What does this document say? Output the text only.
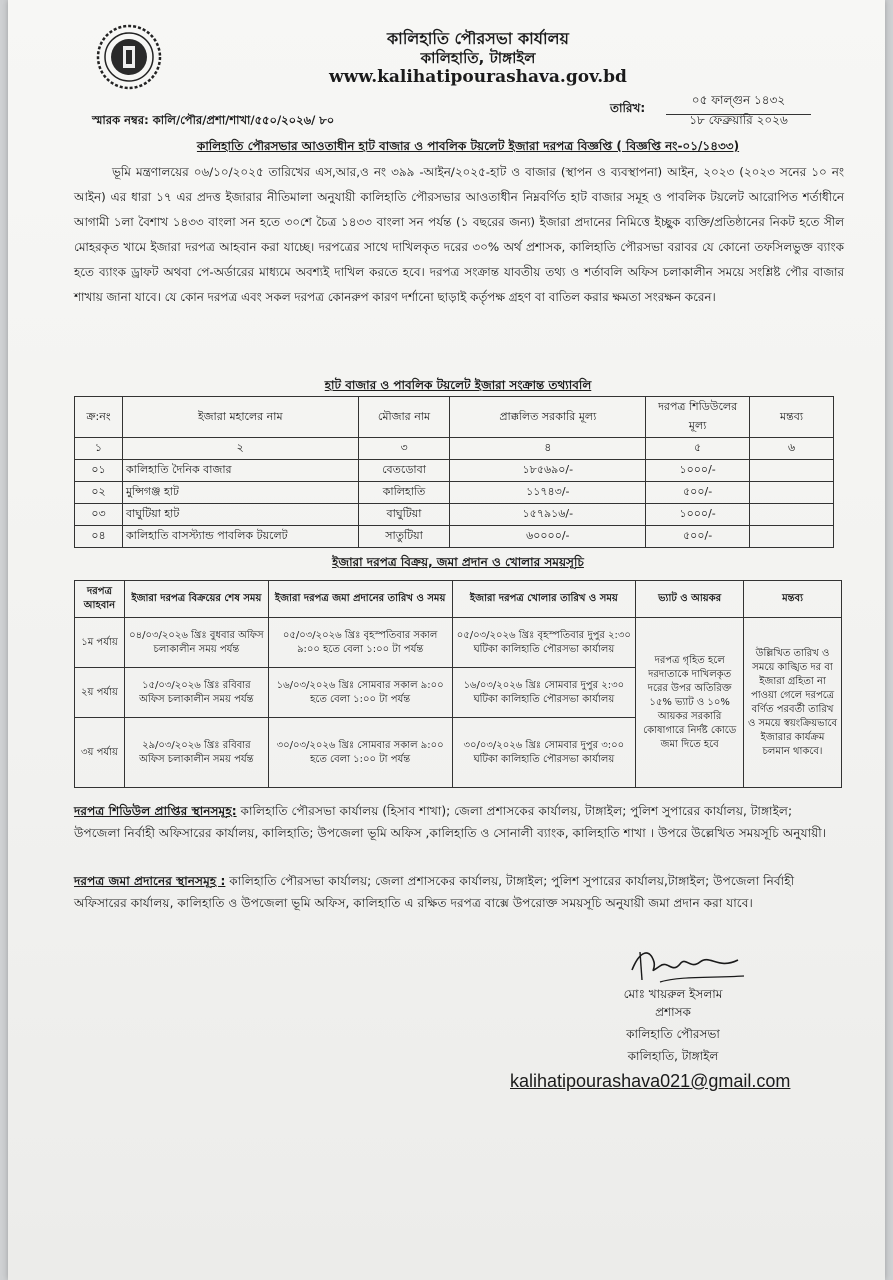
কালিহাতি পৌরসভা কার্যালয়
কালিহাতি, টাঙ্গাইল
www.kalihatipourashava.gov.bd
স্মারক নম্বর: কালি/পৌর/প্রশা/শাখা/৫৫০/২০২৬/ ৮০
তারিখ:
০৫ ফাল্গুন ১৪৩২
১৮ ফেব্রুয়ারি ২০২৬
কালিহাতি পৌরসভার আওতাধীন হাট বাজার ও পাবলিক টয়লেট ইজারা দরপত্র বিজ্ঞপ্তি ( বিজ্ঞপ্তি নং-০১/১৪৩৩)
ভূমি মন্ত্রণালয়ের ০৬/১০/২০২৫ তারিখের এস,আর,ও নং ৩৯৯ -আইন/২০২৫-হাট ও বাজার (স্থাপন ও ব্যবস্থাপনা) আইন, ২০২৩ (২০২৩ সনের ১০ নং আইন) এর ধারা ১৭ এর প্রদত্ত ইজারার নীতিমালা অনুযায়ী কালিহাতি পৌরসভার আওতাধীন নিম্নবর্ণিত হাট বাজার সমূহ ও পাবলিক টয়লেট আরোপিত শর্তাধীনে আগামী ১লা বৈশাখ ১৪৩৩ বাংলা সন হতে ৩০শে চৈত্র ১৪৩৩ বাংলা সন পর্যন্ত (১ বছরের জন্য) ইজারা প্রদানের নিমিত্তে ইচ্ছুক ব্যক্তি/প্রতিষ্ঠানের নিকট হতে সীল মোহরকৃত খামে ইজারা দরপত্র আহবান করা যাচ্ছে। দরপত্রের সাথে দাখিলকৃত দরের ৩০% অর্থ প্রশাসক, কালিহাতি পৌরসভা বরাবর যে কোনো তফসিলভুক্ত ব্যাংক হতে ব্যাংক ড্রাফট অথবা পে-অর্ডারের মাধ্যমে অবশ্যই দাখিল করতে হবে। দরপত্র সংক্রান্ত যাবতীয় তথ্য ও শর্তাবলি অফিস চলাকালীন সময়ে সংশ্লিষ্ট পৌর বাজার শাখায় জানা যাবে। যে কোন দরপত্র এবং সকল দরপত্র কোনরুপ কারণ দর্শানো ছাড়াই কর্তৃপক্ষ গ্রহণ বা বাতিল করার ক্ষমতা সংরক্ষন করেন।
হাট বাজার ও পাবলিক টয়লেট ইজারা সংক্রান্ত তথ্যাবলি
ক্র:নং	ইজারা মহালের নাম	মৌজার নাম	প্রাক্কলিত সরকারি মূল্য	দরপত্র শিডিউলের মূল্য	মন্তব্য
১	২	৩	৪	৫	৬
০১	কালিহাতি দৈনিক বাজার	বেতডোবা	১৮৫৬৯০/-	১০০০/-	
০২	মুন্সিগঞ্জ হাট	কালিহাতি	১১৭৪৩/-	৫০০/-	
০৩	বাঘুটিয়া হাট	বাঘুটিয়া	১৫৭৯১৬/-	১০০০/-	
০৪	কালিহাতি বাসস্ট্যান্ড পাবলিক টয়লেট	সাতুটিয়া	৬০০০০/-	৫০০/-	
ইজারা দরপত্র বিক্রয়, জমা প্রদান ও খোলার সময়সূচি
দরপত্র আহবান	ইজারা দরপত্র বিক্রয়ের শেষ সময়	ইজারা দরপত্র জমা প্রদানের তারিখ ও সময়	ইজারা দরপত্র খোলার তারিখ ও সময়	ভ্যাট ও আয়কর	মন্তব্য
১ম পর্যায়	০৪/০৩/২০২৬ খ্রিঃ বুধবার অফিস চলাকালীন সময় পর্যন্ত	০৫/০৩/২০২৬ খ্রিঃ বৃহস্পতিবার সকাল ৯:০০ হতে বেলা ১:০০ টা পর্যন্ত	০৫/০৩/২০২৬ খ্রিঃ বৃহস্পতিবার দুপুর ২:৩০ ঘটিকা কালিহাতি পৌরসভা কার্যালয়	দরপত্র গৃহিত হলে দরদাতাকে দাখিলকৃত দরের উপর অতিরিক্ত ১৫% ভ্যাট ও ১০% আয়কর সরকারি কোষাগারে নির্দষ্ট কোডে জমা দিতে হবে	উল্লিখিত তারিখ ও সময়ে কাঙ্খিত দর বা ইজারা গ্রহিতা না পাওয়া গেলে দরপত্রে বর্ণিত পরবর্তী তারিখ ও সময়ে স্বয়ংক্রিয়ভাবে ইজারার কার্যক্রম চলমান থাকবে।
২য় পর্যায়	১৫/০৩/২০২৬ খ্রিঃ রবিবার অফিস চলাকালীন সময় পর্যন্ত	১৬/০৩/২০২৬ খ্রিঃ সোমবার সকাল ৯:০০ হতে বেলা ১:০০ টা পর্যন্ত	১৬/০৩/২০২৬ খ্রিঃ সোমবার দুপুর ২:৩০ ঘটিকা কালিহাতি পৌরসভা কার্যালয়		
৩য় পর্যায়	২৯/০৩/২০২৬ খ্রিঃ রবিবার অফিস চলাকালীন সময় পর্যন্ত	৩০/০৩/২০২৬ খ্রিঃ সোমবার সকাল ৯:০০ হতে বেলা ১:০০ টা পর্যন্ত	৩০/০৩/২০২৬ খ্রিঃ সোমবার দুপুর ৩:০০ ঘটিকা কালিহাতি পৌরসভা কার্যালয়		
দরপত্র শিডিউল প্রাপ্তির স্থানসমূহ: কালিহাতি পৌরসভা কার্যালয় (হিসাব শাখা); জেলা প্রশাসকের কার্যালয়, টাঙ্গাইল; পুলিশ সুপারের কার্যালয়, টাঙ্গাইল; উপজেলা নির্বাহী অফিসারের কার্যালয়, কালিহাতি; উপজেলা ভূমি অফিস ,কালিহাতি ও সোনালী ব্যাংক, কালিহাতি শাখা । উপরে উল্লেখিত সময়সূচি অনুযায়ী।
দরপত্র জমা প্রদানের স্থানসমূহ : কালিহাতি পৌরসভা কার্যালয়; জেলা প্রশাসকের কার্যালয়, টাঙ্গাইল; পুলিশ সুপারের কার্যালয়,টাঙ্গাইল; উপজেলা নির্বাহী অফিসারের কার্যালয়, কালিহাতি ও উপজেলা ভূমি অফিস, কালিহাতি এ রক্ষিত দরপত্র বাক্সে উপরোক্ত সময়সূচি অনুযায়ী জমা প্রদান করা যাবে।
মোঃ খায়রুল ইসলাম
প্রশাসক
কালিহাতি পৌরসভা
কালিহাতি, টাঙ্গাইল
kalihatipourashava021@gmail.com
